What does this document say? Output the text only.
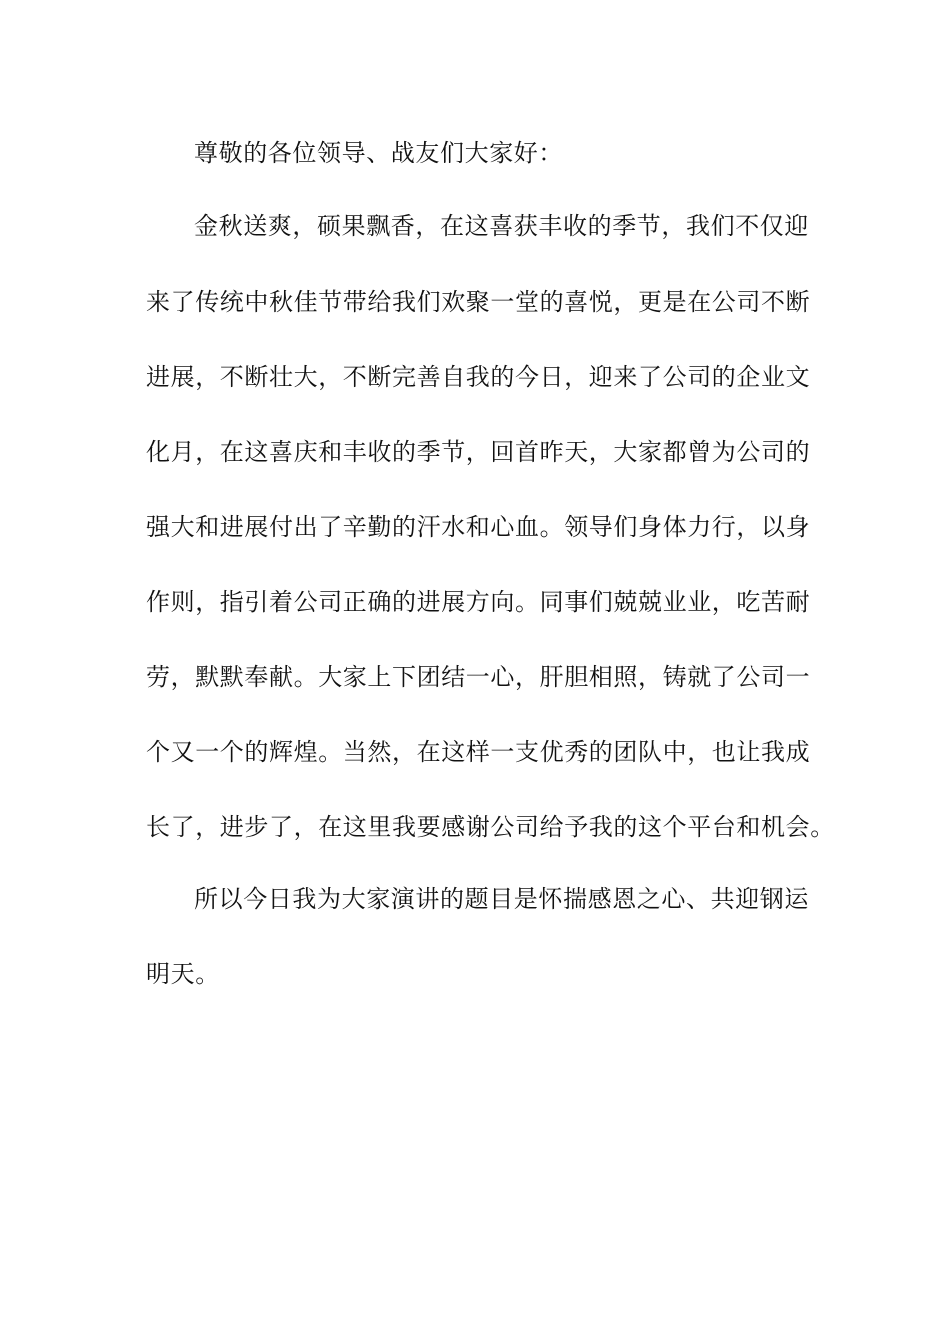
尊敬的各位领导、战友们大家好：
金秋送爽，硕果飘香，在这喜获丰收的季节，我们不仅迎
来了传统中秋佳节带给我们欢聚一堂的喜悦，更是在公司不断
进展，不断壮大，不断完善自我的今日，迎来了公司的企业文
化月，在这喜庆和丰收的季节，回首昨天，大家都曾为公司的
强大和进展付出了辛勤的汗水和心血。领导们身体力行，以身
作则，指引着公司正确的进展方向。同事们兢兢业业，吃苦耐
劳，默默奉献。大家上下团结一心，肝胆相照，铸就了公司一
个又一个的辉煌。当然，在这样一支优秀的团队中，也让我成
长了，进步了，在这里我要感谢公司给予我的这个平台和机会。
所以今日我为大家演讲的题目是怀揣感恩之心、共迎钢运
明天。
